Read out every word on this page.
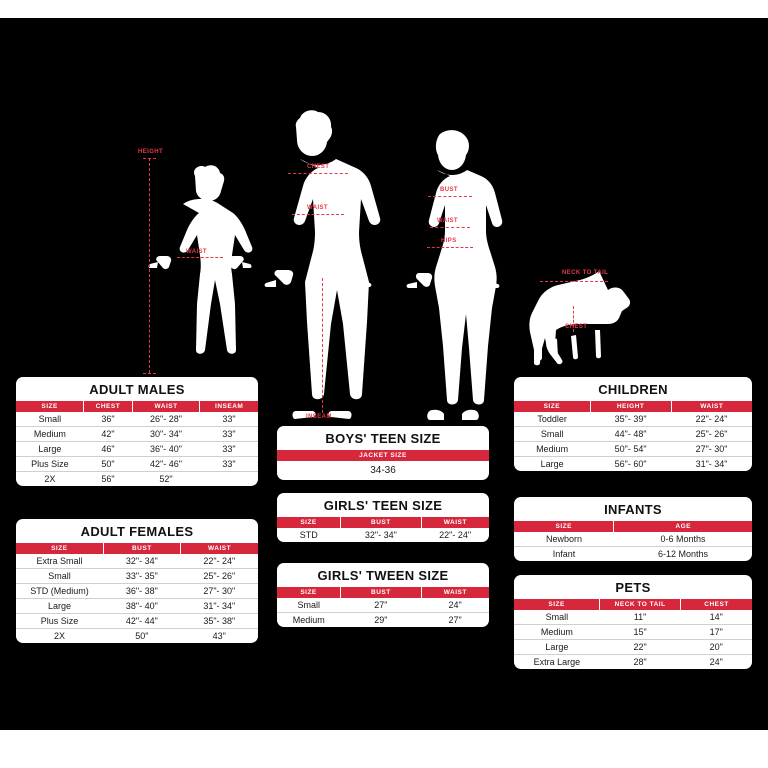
HEIGHT
WAIST
CHEST
WAIST
INSEAM
BUST
WAIST
HIPS
NECK TO TAIL
CHEST
ADULT MALES
SIZE	CHEST	WAIST	INSEAM
Small	36"	26"- 28"	33"
Medium	42"	30"- 34"	33"
Large	46"	36"- 40"	33"
Plus Size	50"	42"- 46"	33"
2X	56"	52"	
ADULT FEMALES
SIZE	BUST	WAIST
Extra Small	32"- 34"	22"- 24"
Small	33"- 35"	25"- 26"
STD (Medium)	36"- 38"	27"- 30"
Large	38"- 40"	31"- 34"
Plus Size	42"- 44"	35"- 38"
2X	50"	43"
BOYS' TEEN SIZE
JACKET SIZE
34-36
GIRLS' TEEN SIZE
SIZE	BUST	WAIST
STD	32"- 34"	22"- 24"
GIRLS' TWEEN SIZE
SIZE	BUST	WAIST
Small	27"	24"
Medium	29"	27"
CHILDREN
SIZE	HEIGHT	WAIST
Toddler	35"- 39"	22"- 24"
Small	44"- 48"	25"- 26"
Medium	50"- 54"	27"- 30"
Large	56"- 60"	31"- 34"
INFANTS
SIZE	AGE
Newborn	0-6 Months
Infant	6-12 Months
PETS
SIZE	NECK TO TAIL	CHEST
Small	11"	14"
Medium	15"	17"
Large	22"	20"
Extra Large	28"	24"
